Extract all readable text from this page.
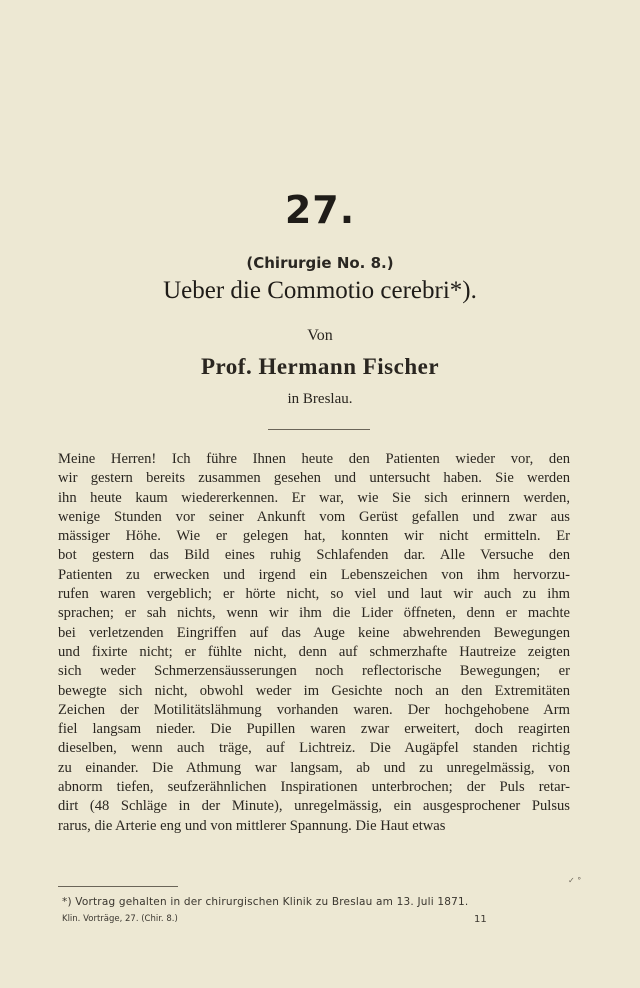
27.
(Chirurgie No. 8.)
Ueber die Commotio cerebri*).
Von
Prof. Hermann Fischer
in Breslau.
Meine Herren! Ich führe Ihnen heute den Patienten wieder vor, den
wir gestern bereits zusammen gesehen und untersucht haben. Sie werden
ihn heute kaum wiedererkennen. Er war, wie Sie sich erinnern werden,
wenige Stunden vor seiner Ankunft vom Gerüst gefallen und zwar aus
mässiger Höhe. Wie er gelegen hat, konnten wir nicht ermitteln. Er
bot gestern das Bild eines ruhig Schlafenden dar. Alle Versuche den
Patienten zu erwecken und irgend ein Lebenszeichen von ihm hervorzu-
rufen waren vergeblich; er hörte nicht, so viel und laut wir auch zu ihm
sprachen; er sah nichts, wenn wir ihm die Lider öffneten, denn er machte
bei verletzenden Eingriffen auf das Auge keine abwehrenden Bewegungen
und fixirte nicht; er fühlte nicht, denn auf schmerzhafte Hautreize zeigten
sich weder Schmerzensäusserungen noch reflectorische Bewegungen; er
bewegte sich nicht, obwohl weder im Gesichte noch an den Extremitäten
Zeichen der Motilitätslähmung vorhanden waren. Der hochgehobene Arm
fiel langsam nieder. Die Pupillen waren zwar erweitert, doch reagirten
dieselben, wenn auch träge, auf Lichtreiz. Die Augäpfel standen richtig
zu einander. Die Athmung war langsam, ab und zu unregelmässig, von
abnorm tiefen, seufzerähnlichen Inspirationen unterbrochen; der Puls retar-
dirt (48 Schläge in der Minute), unregelmässig, ein ausgesprochener Pulsus
rarus, die Arterie eng und von mittlerer Spannung. Die Haut etwas
✓ °
*) Vortrag gehalten in der chirurgischen Klinik zu Breslau am 13. Juli 1871.
Klin. Vorträge, 27. (Chir. 8.)	11
